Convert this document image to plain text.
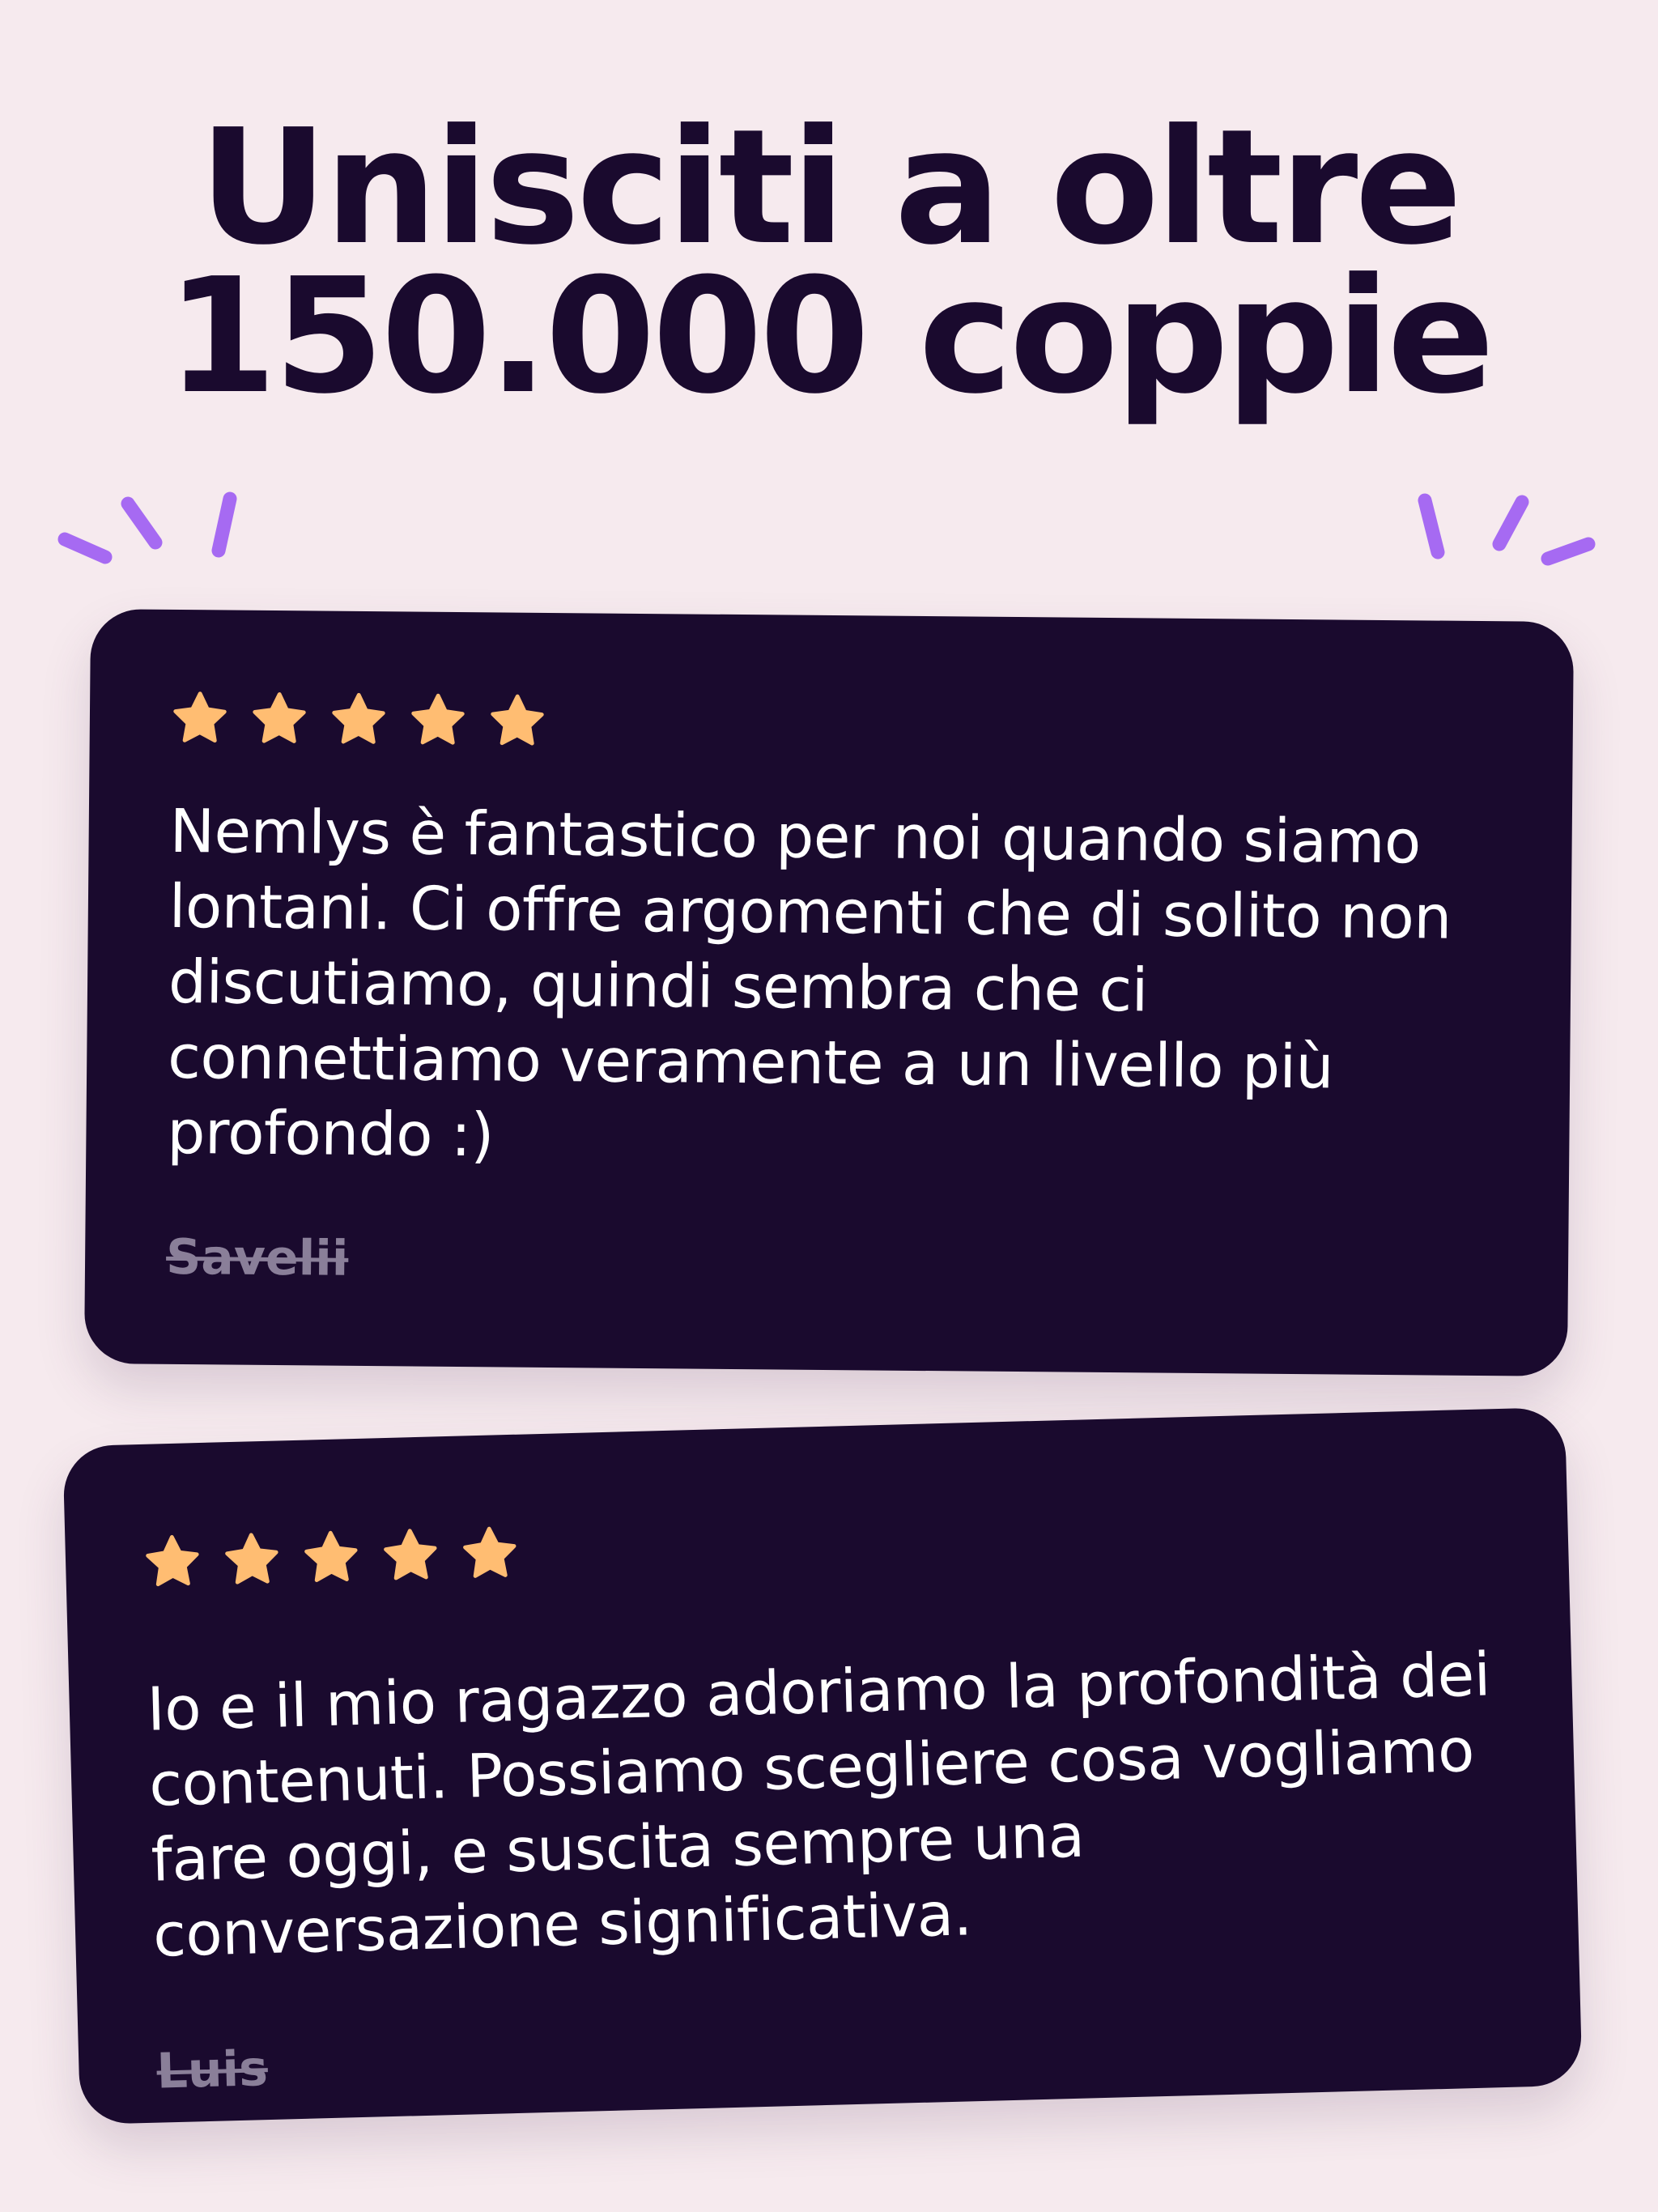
Unisciti a oltre
150.000 coppie

Nemlys è fantastico per noi quando siamo lontani. Ci offre argomenti che di solito non discutiamo, quindi sembra che ci connettiamo veramente a un livello più profondo :)

Savelii

Io e il mio ragazzo adoriamo la profondità dei contenuti. Possiamo scegliere cosa vogliamo fare oggi, e suscita sempre una conversazione significativa.

Luis
